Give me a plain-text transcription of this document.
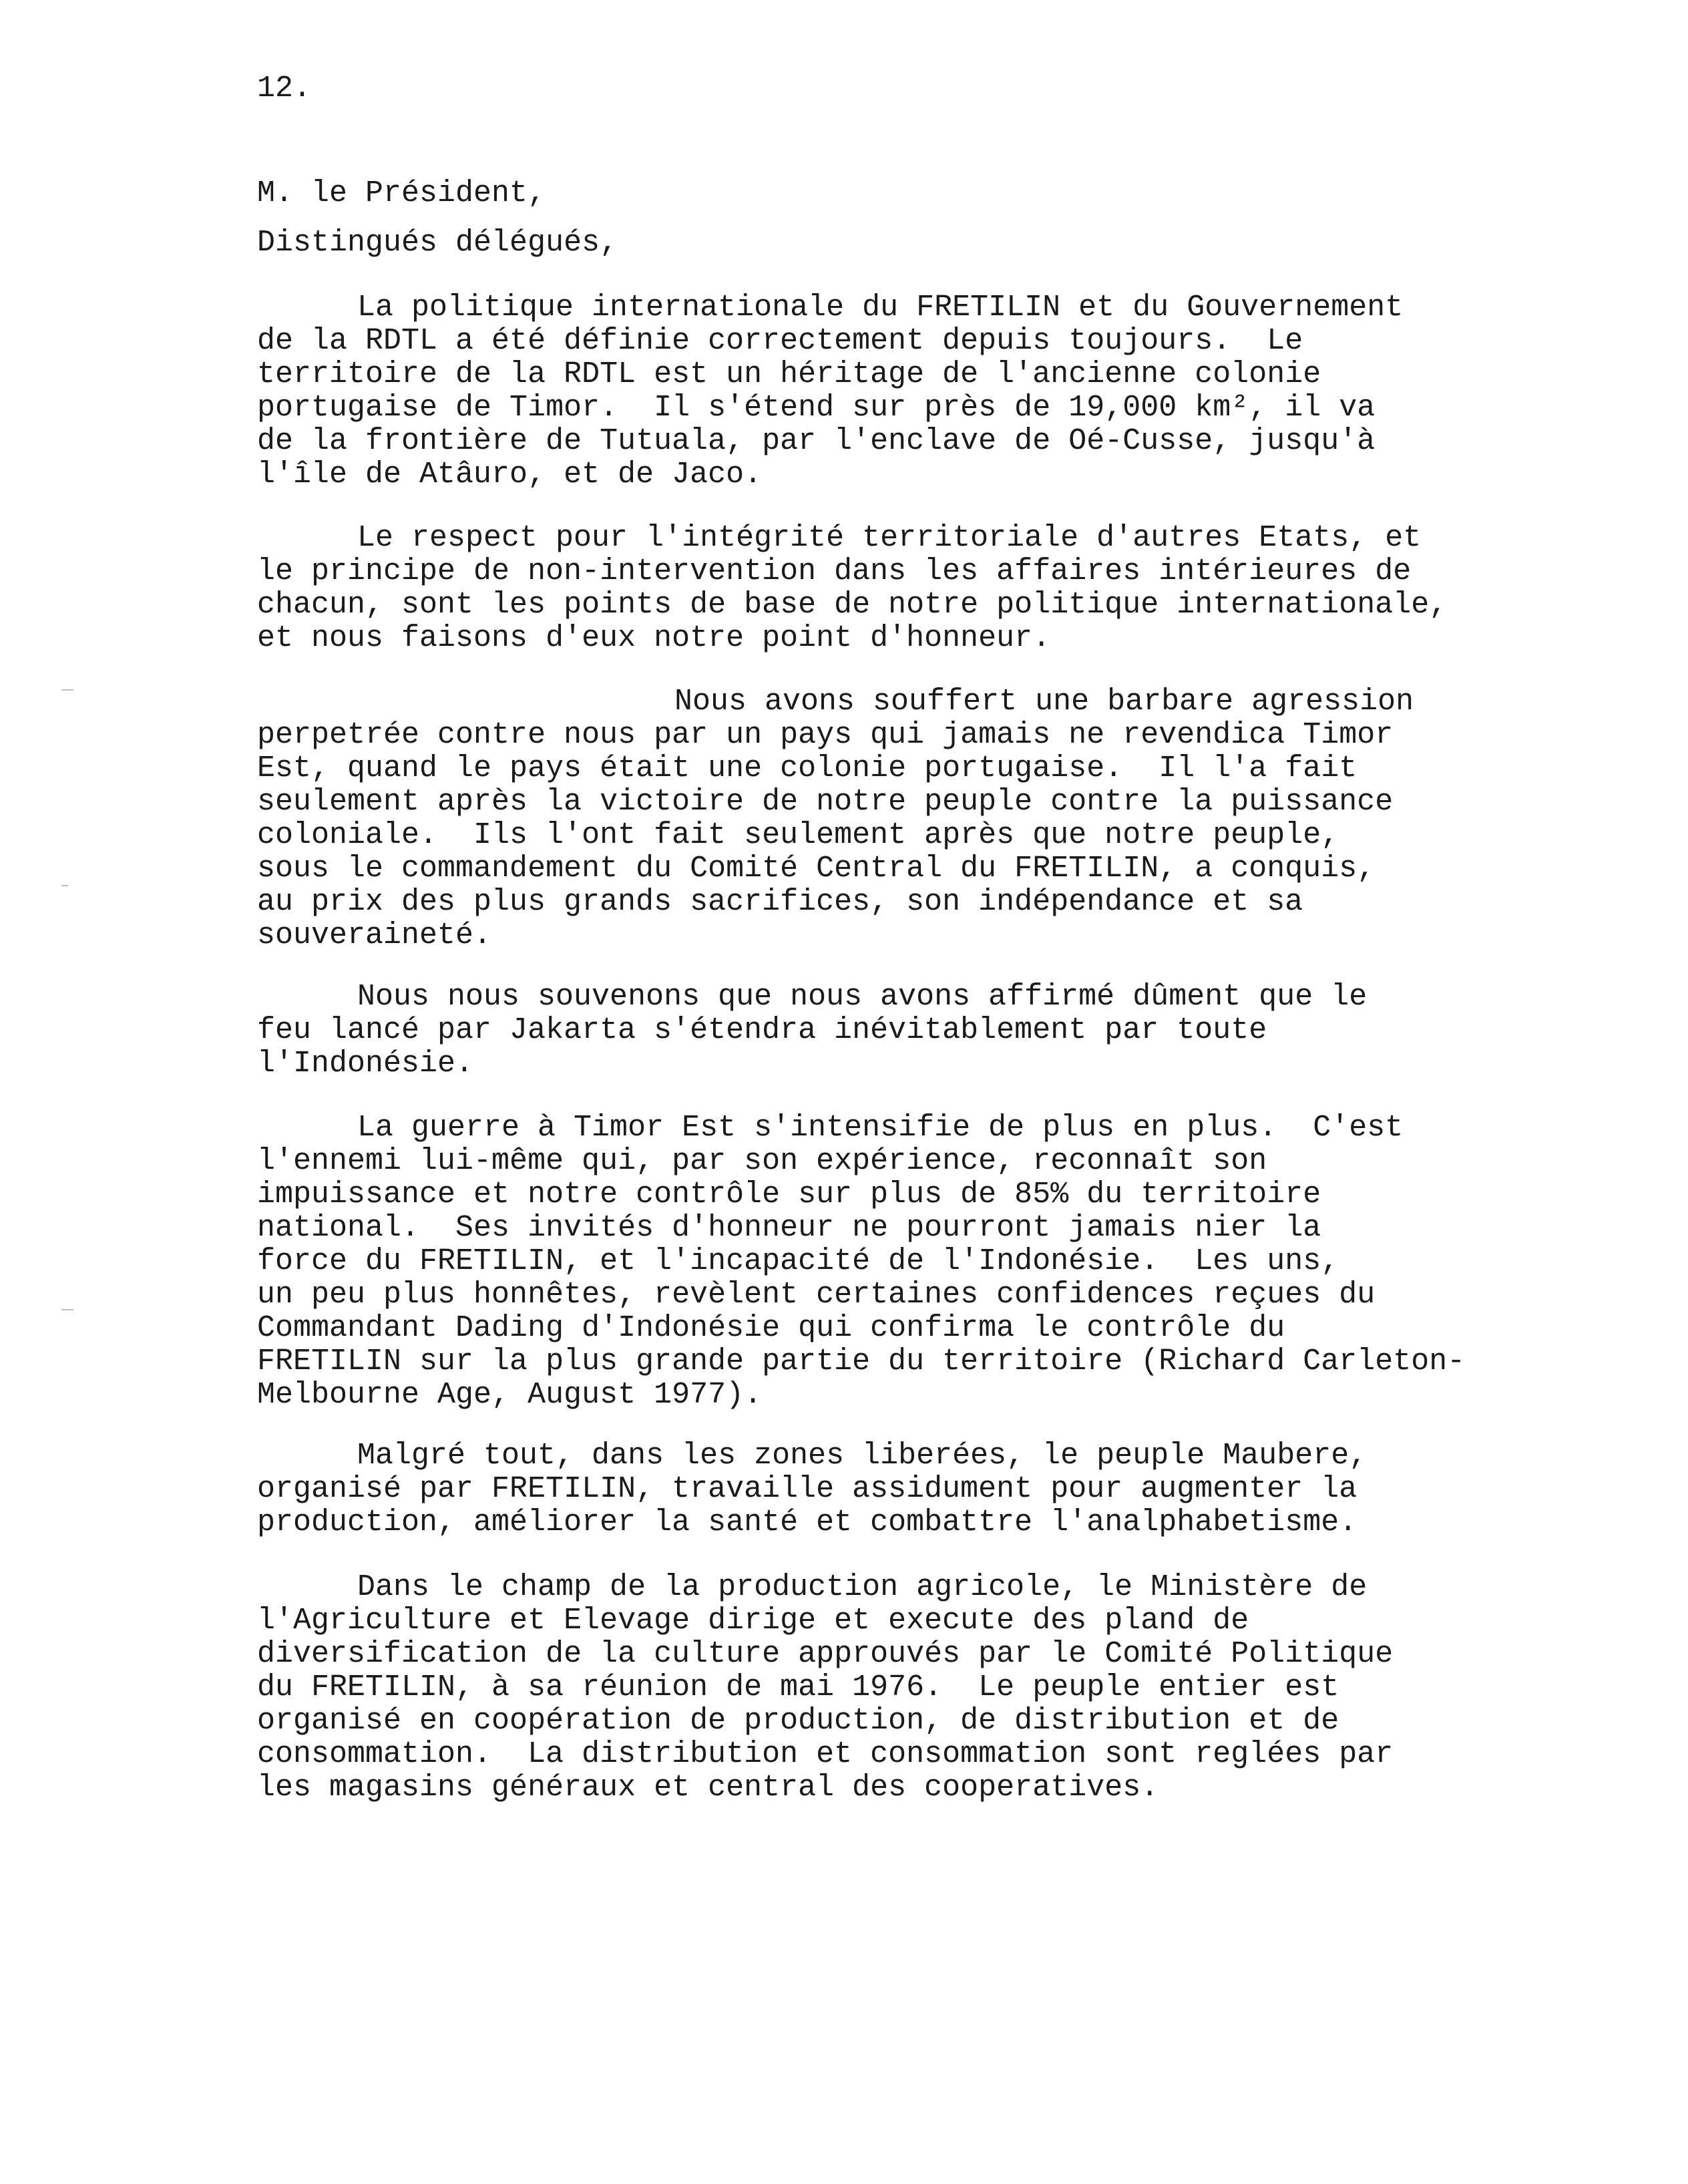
12.
M. le Président,
Distingués délégués,
La politique internationale du FRETILIN et du Gouvernement
de la RDTL a été définie correctement depuis toujours.  Le
territoire de la RDTL est un héritage de l'ancienne colonie
portugaise de Timor.  Il s'étend sur près de 19,000 km², il va
de la frontière de Tutuala, par l'enclave de Oé-Cusse, jusqu'à
l'île de Atâuro, et de Jaco.
Le respect pour l'intégrité territoriale d'autres Etats, et
le principe de non-intervention dans les affaires intérieures de
chacun, sont les points de base de notre politique internationale,
et nous faisons d'eux notre point d'honneur.
Nous avons souffert une barbare agression
perpetrée contre nous par un pays qui jamais ne revendica Timor
Est, quand le pays était une colonie portugaise.  Il l'a fait
seulement après la victoire de notre peuple contre la puissance
coloniale.  Ils l'ont fait seulement après que notre peuple,
sous le commandement du Comité Central du FRETILIN, a conquis,
au prix des plus grands sacrifices, son indépendance et sa
souveraineté.
Nous nous souvenons que nous avons affirmé dûment que le
feu lancé par Jakarta s'étendra inévitablement par toute
l'Indonésie.
La guerre à Timor Est s'intensifie de plus en plus.  C'est
l'ennemi lui-même qui, par son expérience, reconnaît son
impuissance et notre contrôle sur plus de 85% du territoire
national.  Ses invités d'honneur ne pourront jamais nier la
force du FRETILIN, et l'incapacité de l'Indonésie.  Les uns,
un peu plus honnêtes, revèlent certaines confidences reçues du
Commandant Dading d'Indonésie qui confirma le contrôle du
FRETILIN sur la plus grande partie du territoire (Richard Carleton-
Melbourne Age, August 1977).
Malgré tout, dans les zones liberées, le peuple Maubere,
organisé par FRETILIN, travaille assidument pour augmenter la
production, améliorer la santé et combattre l'analphabetisme.
Dans le champ de la production agricole, le Ministère de
l'Agriculture et Elevage dirige et execute des pland de
diversification de la culture approuvés par le Comité Politique
du FRETILIN, à sa réunion de mai 1976.  Le peuple entier est
organisé en coopération de production, de distribution et de
consommation.  La distribution et consommation sont reglées par
les magasins généraux et central des cooperatives.
